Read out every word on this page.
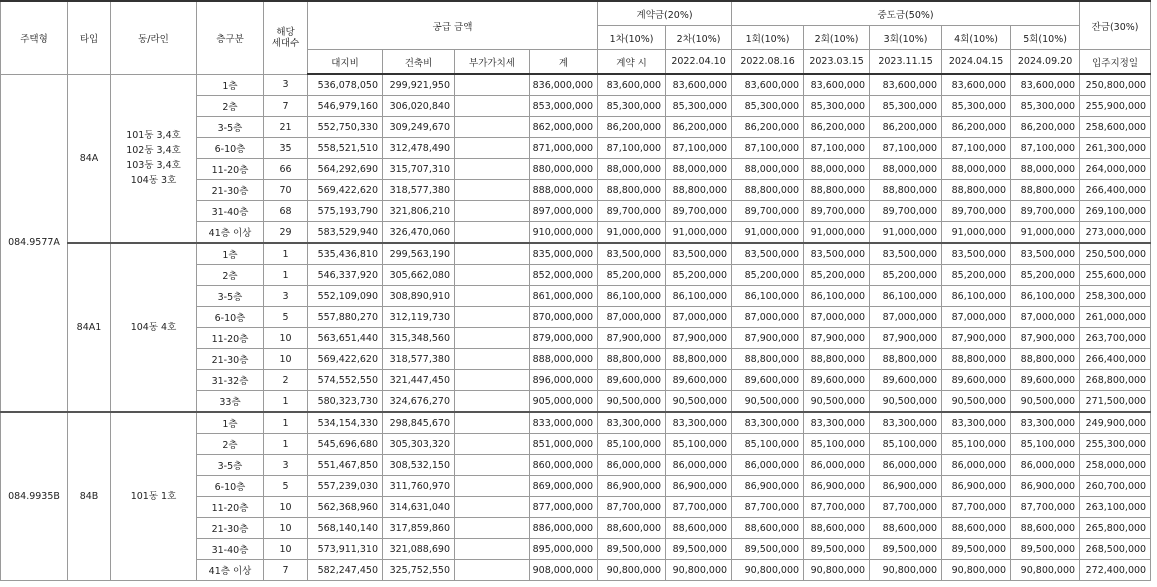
주택형	타입	동/라인	층구분	해당
세대수	공급 금액				계약금(20%)		중도금(50%)					잔금(30%)
									1차(10%)	2차(10%)	1회(10%)	2회(10%)	3회(10%)	4회(10%)	5회(10%)	
					대지비	건축비	부가가치세	계	계약 시	2022.04.10	2022.08.16	2023.03.15	2023.11.15	2024.04.15	2024.09.20	입주지정일
084.9577A	84A	101동 3,4호
102동 3,4호
103동 3,4호
104동 3호	1층	3	536,078,050	299,921,950		836,000,000	83,600,000	83,600,000	83,600,000	83,600,000	83,600,000	83,600,000	83,600,000	250,800,000
			2층	7	546,979,160	306,020,840		853,000,000	85,300,000	85,300,000	85,300,000	85,300,000	85,300,000	85,300,000	85,300,000	255,900,000
			3-5층	21	552,750,330	309,249,670		862,000,000	86,200,000	86,200,000	86,200,000	86,200,000	86,200,000	86,200,000	86,200,000	258,600,000
			6-10층	35	558,521,510	312,478,490		871,000,000	87,100,000	87,100,000	87,100,000	87,100,000	87,100,000	87,100,000	87,100,000	261,300,000
			11-20층	66	564,292,690	315,707,310		880,000,000	88,000,000	88,000,000	88,000,000	88,000,000	88,000,000	88,000,000	88,000,000	264,000,000
			21-30층	70	569,422,620	318,577,380		888,000,000	88,800,000	88,800,000	88,800,000	88,800,000	88,800,000	88,800,000	88,800,000	266,400,000
			31-40층	68	575,193,790	321,806,210		897,000,000	89,700,000	89,700,000	89,700,000	89,700,000	89,700,000	89,700,000	89,700,000	269,100,000
			41층 이상	29	583,529,940	326,470,060		910,000,000	91,000,000	91,000,000	91,000,000	91,000,000	91,000,000	91,000,000	91,000,000	273,000,000
	84A1	104동 4호	1층	1	535,436,810	299,563,190		835,000,000	83,500,000	83,500,000	83,500,000	83,500,000	83,500,000	83,500,000	83,500,000	250,500,000
			2층	1	546,337,920	305,662,080		852,000,000	85,200,000	85,200,000	85,200,000	85,200,000	85,200,000	85,200,000	85,200,000	255,600,000
			3-5층	3	552,109,090	308,890,910		861,000,000	86,100,000	86,100,000	86,100,000	86,100,000	86,100,000	86,100,000	86,100,000	258,300,000
			6-10층	5	557,880,270	312,119,730		870,000,000	87,000,000	87,000,000	87,000,000	87,000,000	87,000,000	87,000,000	87,000,000	261,000,000
			11-20층	10	563,651,440	315,348,560		879,000,000	87,900,000	87,900,000	87,900,000	87,900,000	87,900,000	87,900,000	87,900,000	263,700,000
			21-30층	10	569,422,620	318,577,380		888,000,000	88,800,000	88,800,000	88,800,000	88,800,000	88,800,000	88,800,000	88,800,000	266,400,000
			31-32층	2	574,552,550	321,447,450		896,000,000	89,600,000	89,600,000	89,600,000	89,600,000	89,600,000	89,600,000	89,600,000	268,800,000
			33층	1	580,323,730	324,676,270		905,000,000	90,500,000	90,500,000	90,500,000	90,500,000	90,500,000	90,500,000	90,500,000	271,500,000
084.9935B	84B	101동 1호	1층	1	534,154,330	298,845,670		833,000,000	83,300,000	83,300,000	83,300,000	83,300,000	83,300,000	83,300,000	83,300,000	249,900,000
			2층	1	545,696,680	305,303,320		851,000,000	85,100,000	85,100,000	85,100,000	85,100,000	85,100,000	85,100,000	85,100,000	255,300,000
			3-5층	3	551,467,850	308,532,150		860,000,000	86,000,000	86,000,000	86,000,000	86,000,000	86,000,000	86,000,000	86,000,000	258,000,000
			6-10층	5	557,239,030	311,760,970		869,000,000	86,900,000	86,900,000	86,900,000	86,900,000	86,900,000	86,900,000	86,900,000	260,700,000
			11-20층	10	562,368,960	314,631,040		877,000,000	87,700,000	87,700,000	87,700,000	87,700,000	87,700,000	87,700,000	87,700,000	263,100,000
			21-30층	10	568,140,140	317,859,860		886,000,000	88,600,000	88,600,000	88,600,000	88,600,000	88,600,000	88,600,000	88,600,000	265,800,000
			31-40층	10	573,911,310	321,088,690		895,000,000	89,500,000	89,500,000	89,500,000	89,500,000	89,500,000	89,500,000	89,500,000	268,500,000
			41층 이상	7	582,247,450	325,752,550		908,000,000	90,800,000	90,800,000	90,800,000	90,800,000	90,800,000	90,800,000	90,800,000	272,400,000
